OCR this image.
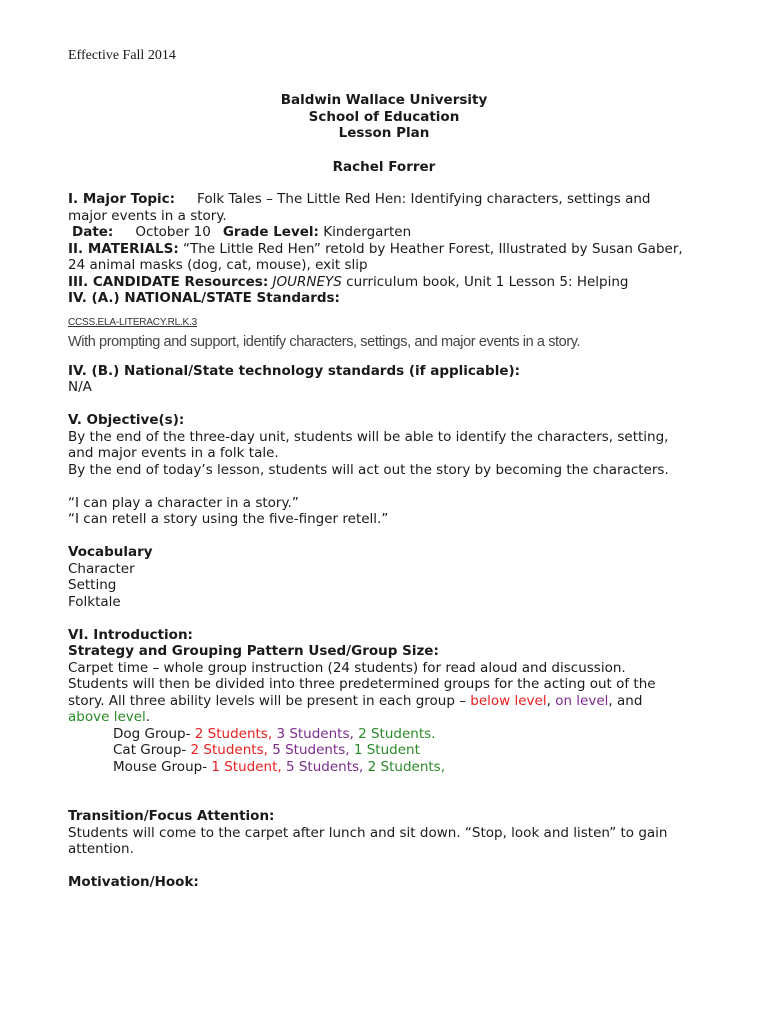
Effective Fall 2014
Baldwin Wallace University
School of Education
Lesson Plan
Rachel Forrer
I. Major Topic: Folk Tales – The Little Red Hen: Identifying characters, settings and
major events in a story.
Date: October 10 Grade Level: Kindergarten
II. MATERIALS: “The Little Red Hen” retold by Heather Forest, Illustrated by Susan Gaber,
24 animal masks (dog, cat, mouse), exit slip
III. CANDIDATE Resources: JOURNEYS curriculum book, Unit 1 Lesson 5: Helping
IV. (A.) NATIONAL/STATE Standards:
CCSS.ELA-LITERACY.RL.K.3
With prompting and support, identify characters, settings, and major events in a story.
IV. (B.) National/State technology standards (if applicable):
N/A
V. Objective(s):
By the end of the three-day unit, students will be able to identify the characters, setting,
and major events in a folk tale.
By the end of today’s lesson, students will act out the story by becoming the characters.
“I can play a character in a story.”
“I can retell a story using the five-finger retell.”
Vocabulary
Character
Setting
Folktale
VI. Introduction:
Strategy and Grouping Pattern Used/Group Size:
Carpet time – whole group instruction (24 students) for read aloud and discussion.
Students will then be divided into three predetermined groups for the acting out of the
story. All three ability levels will be present in each group – below level, on level, and
above level.
Dog Group- 2 Students, 3 Students, 2 Students.
Cat Group- 2 Students, 5 Students, 1 Student
Mouse Group- 1 Student, 5 Students, 2 Students,
Transition/Focus Attention:
Students will come to the carpet after lunch and sit down. “Stop, look and listen” to gain
attention.
Motivation/Hook:
